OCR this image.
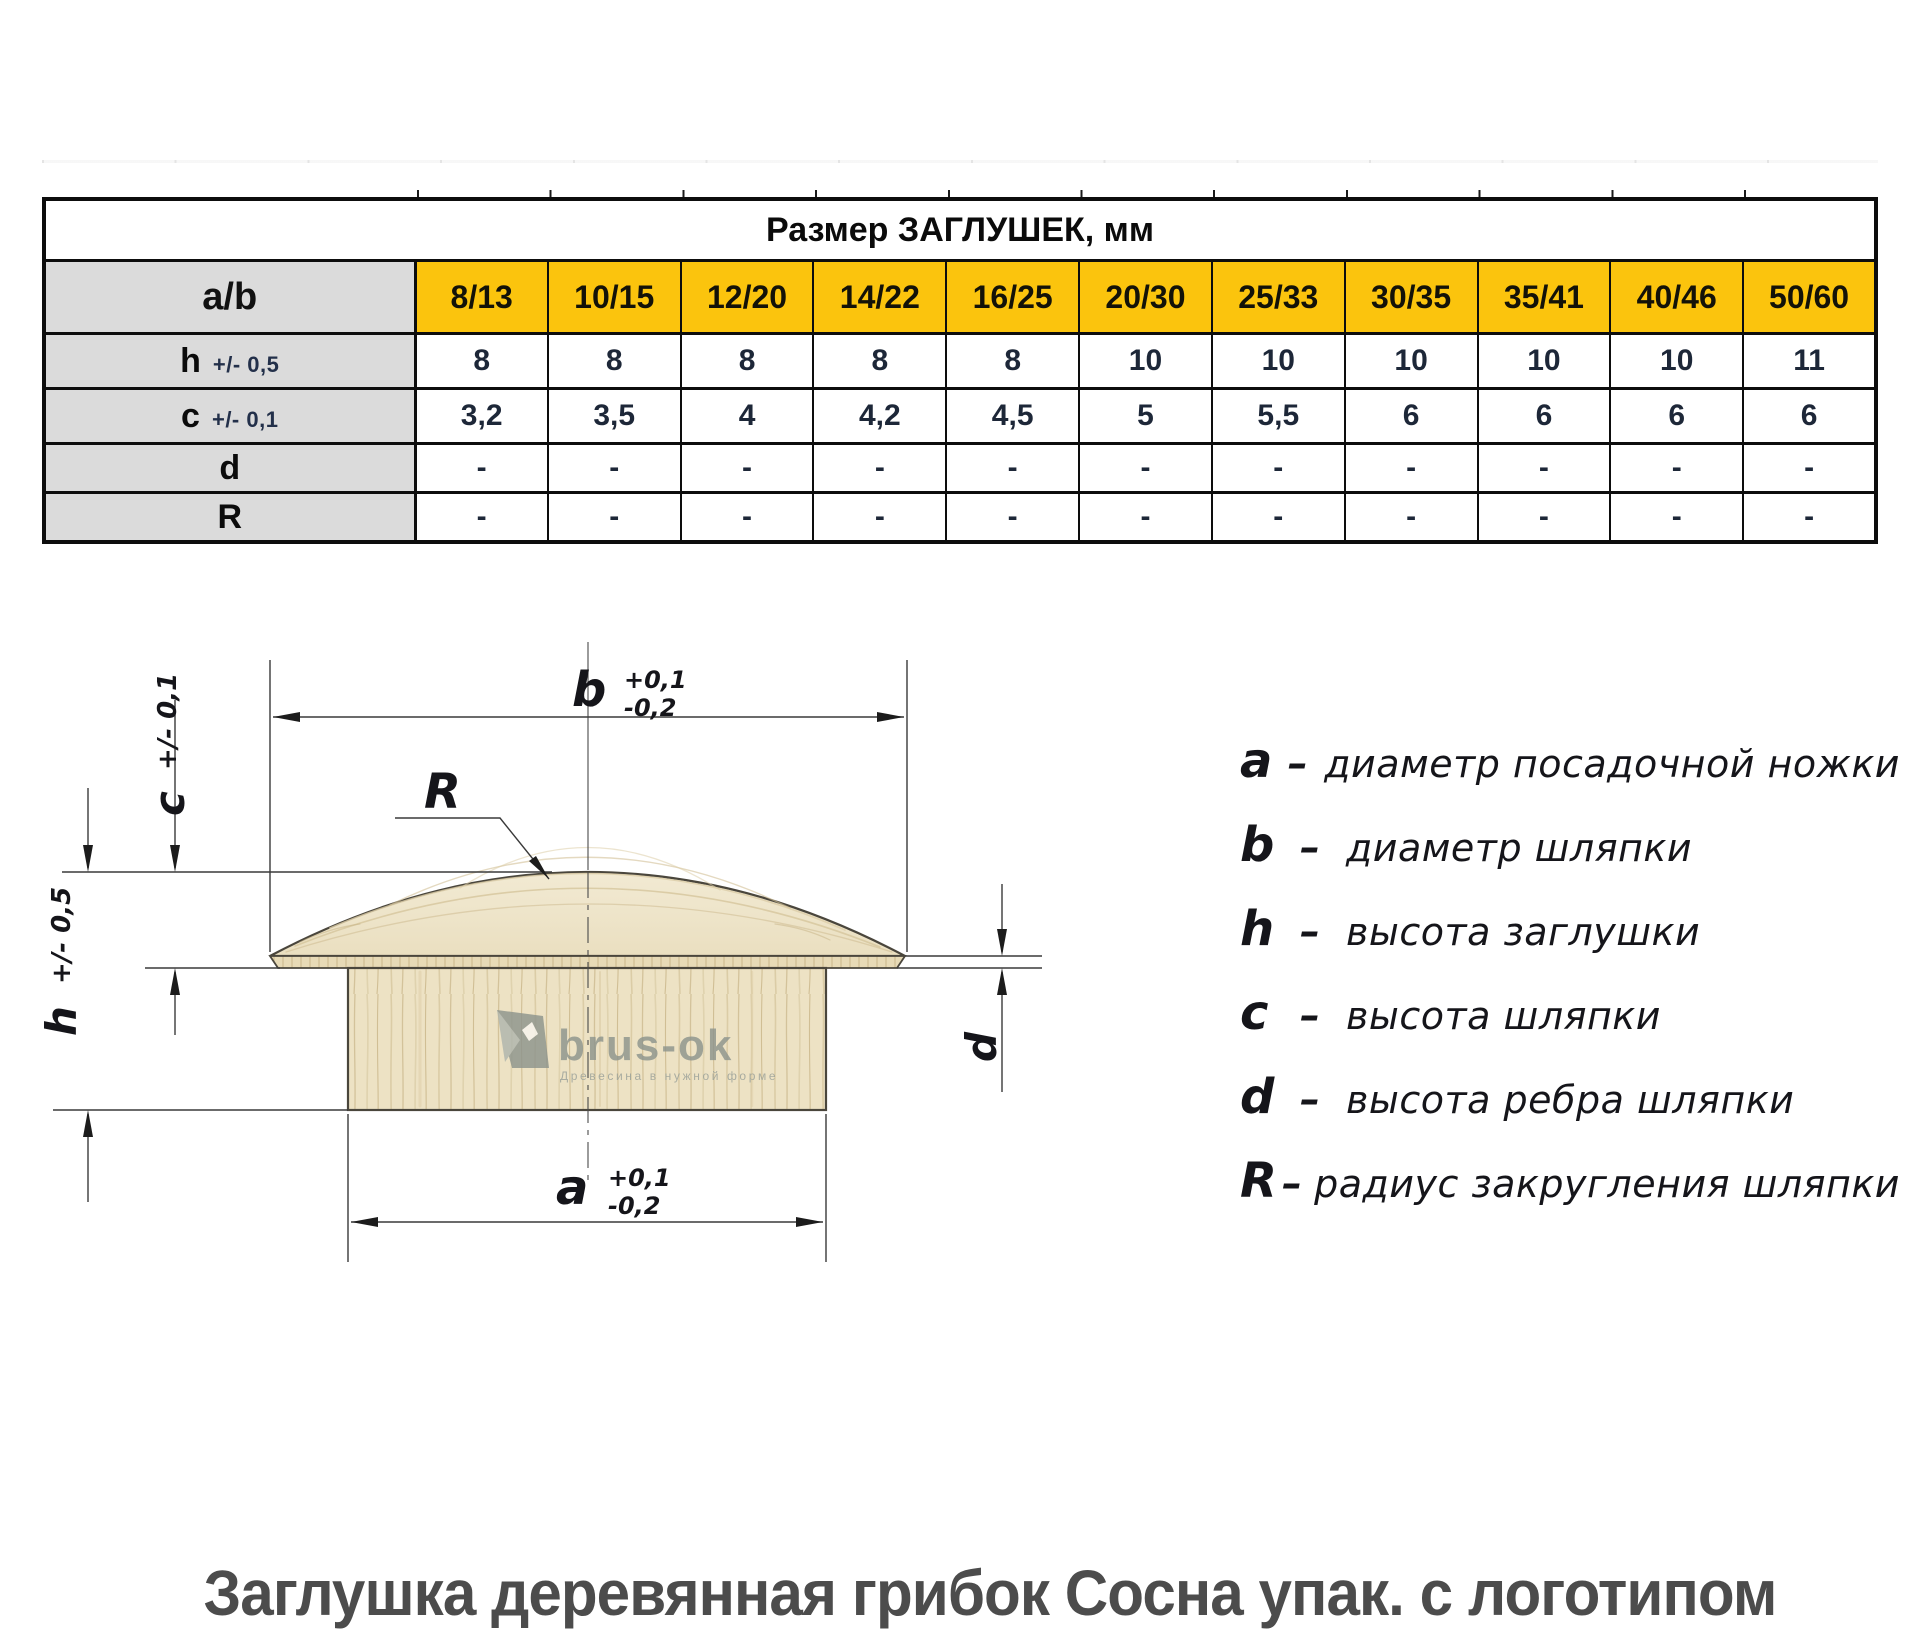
Размер ЗАГЛУШЕК, мм											
a/b	8/13	10/15	12/20	14/22	16/25	20/30	25/33	30/35	35/41	40/46	50/60
h +/- 0,5	8	8	8	8	8	10	10	10	10	10	11
c +/- 0,1	3,2	3,5	4	4,2	4,5	5	5,5	6	6	6	6
d	-	-	-	-	-	-	-	-	-	-	-
R	-	-	-	-	-	-	-	-	-	-	-
brus-ok
Древесина в нужной форме
b +0,1
-0,2
R
c
+/- 0,1
h
+/- 0,5
d
a +0,1
-0,2
a – диаметр посадочной ножки
b – диаметр шляпки
h – высота заглушки
c – высота шляпки
d – высота ребра шляпки
R – радиус закругления шляпки
Заглушка деревянная грибок Сосна упак. с логотипом
